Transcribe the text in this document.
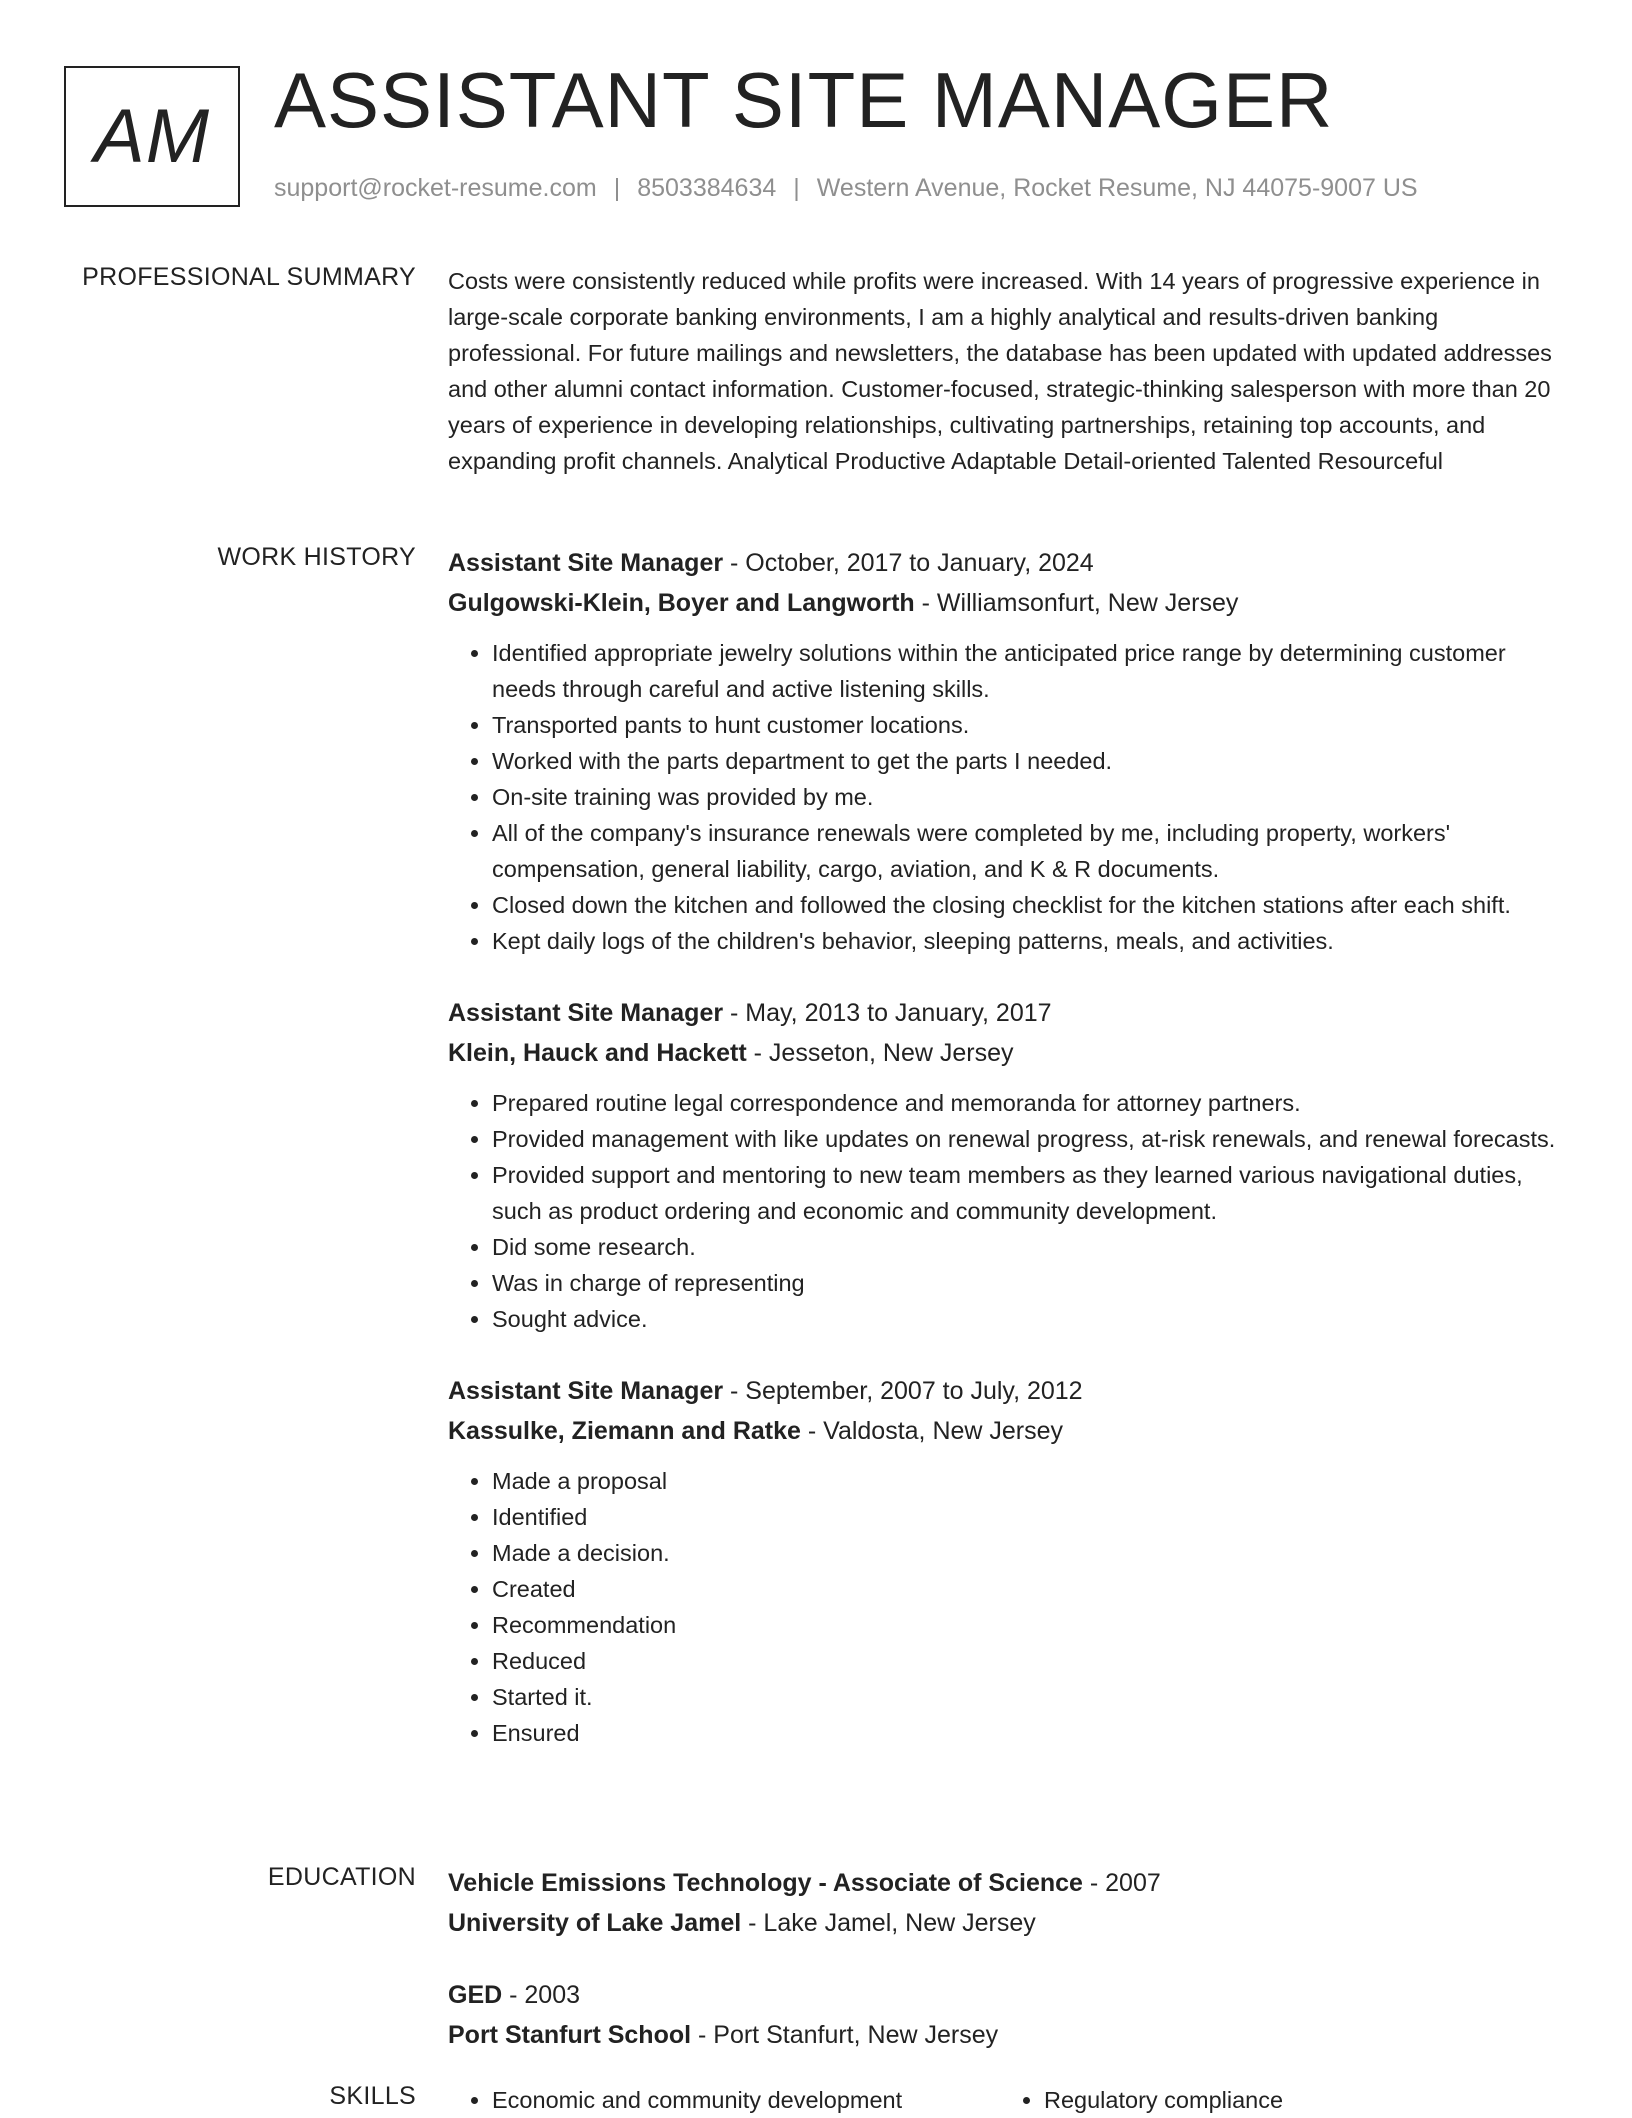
AM ASSISTANT SITE MANAGER
support@rocket-resume.com | 8503384634 | Western Avenue, Rocket Resume, NJ 44075-9007 US
PROFESSIONAL SUMMARY Costs were consistently reduced while profits were increased. With 14 years of progressive experience in large-scale corporate banking environments, I am a highly analytical and results-driven banking professional. For future mailings and newsletters, the database has been updated with updated addresses and other alumni contact information. Customer-focused, strategic-thinking salesperson with more than 20 years of experience in developing relationships, cultivating partnerships, retaining top accounts, and expanding profit channels. Analytical Productive Adaptable Detail-oriented Talented Resourceful

WORK HISTORY Assistant Site Manager - October, 2017 to January, 2024
Gulgowski-Klein, Boyer and Langworth - Williamsonfurt, New Jersey
• Identified appropriate jewelry solutions within the anticipated price range by determining customer needs through careful and active listening skills.
• Transported pants to hunt customer locations.
• Worked with the parts department to get the parts I needed.
• On-site training was provided by me.
• All of the company's insurance renewals were completed by me, including property, workers' compensation, general liability, cargo, aviation, and K & R documents.
• Closed down the kitchen and followed the closing checklist for the kitchen stations after each shift.
• Kept daily logs of the children's behavior, sleeping patterns, meals, and activities.
Assistant Site Manager - May, 2013 to January, 2017
Klein, Hauck and Hackett - Jesseton, New Jersey
• Prepared routine legal correspondence and memoranda for attorney partners.
• Provided management with like updates on renewal progress, at-risk renewals, and renewal forecasts.
• Provided support and mentoring to new team members as they learned various navigational duties, such as product ordering and economic and community development.
• Did some research.
• Was in charge of representing
• Sought advice.
Assistant Site Manager - September, 2007 to July, 2012
Kassulke, Ziemann and Ratke - Valdosta, New Jersey
• Made a proposal
• Identified
• Made a decision.
• Created
• Recommendation
• Reduced
• Started it.
• Ensured
EDUCATION Vehicle Emissions Technology - Associate of Science - 2007
University of Lake Jamel - Lake Jamel, New Jersey
GED - 2003
Port Stanfurt School - Port Stanfurt, New Jersey
SKILLS	• Economic and community development	• Regulatory compliance
